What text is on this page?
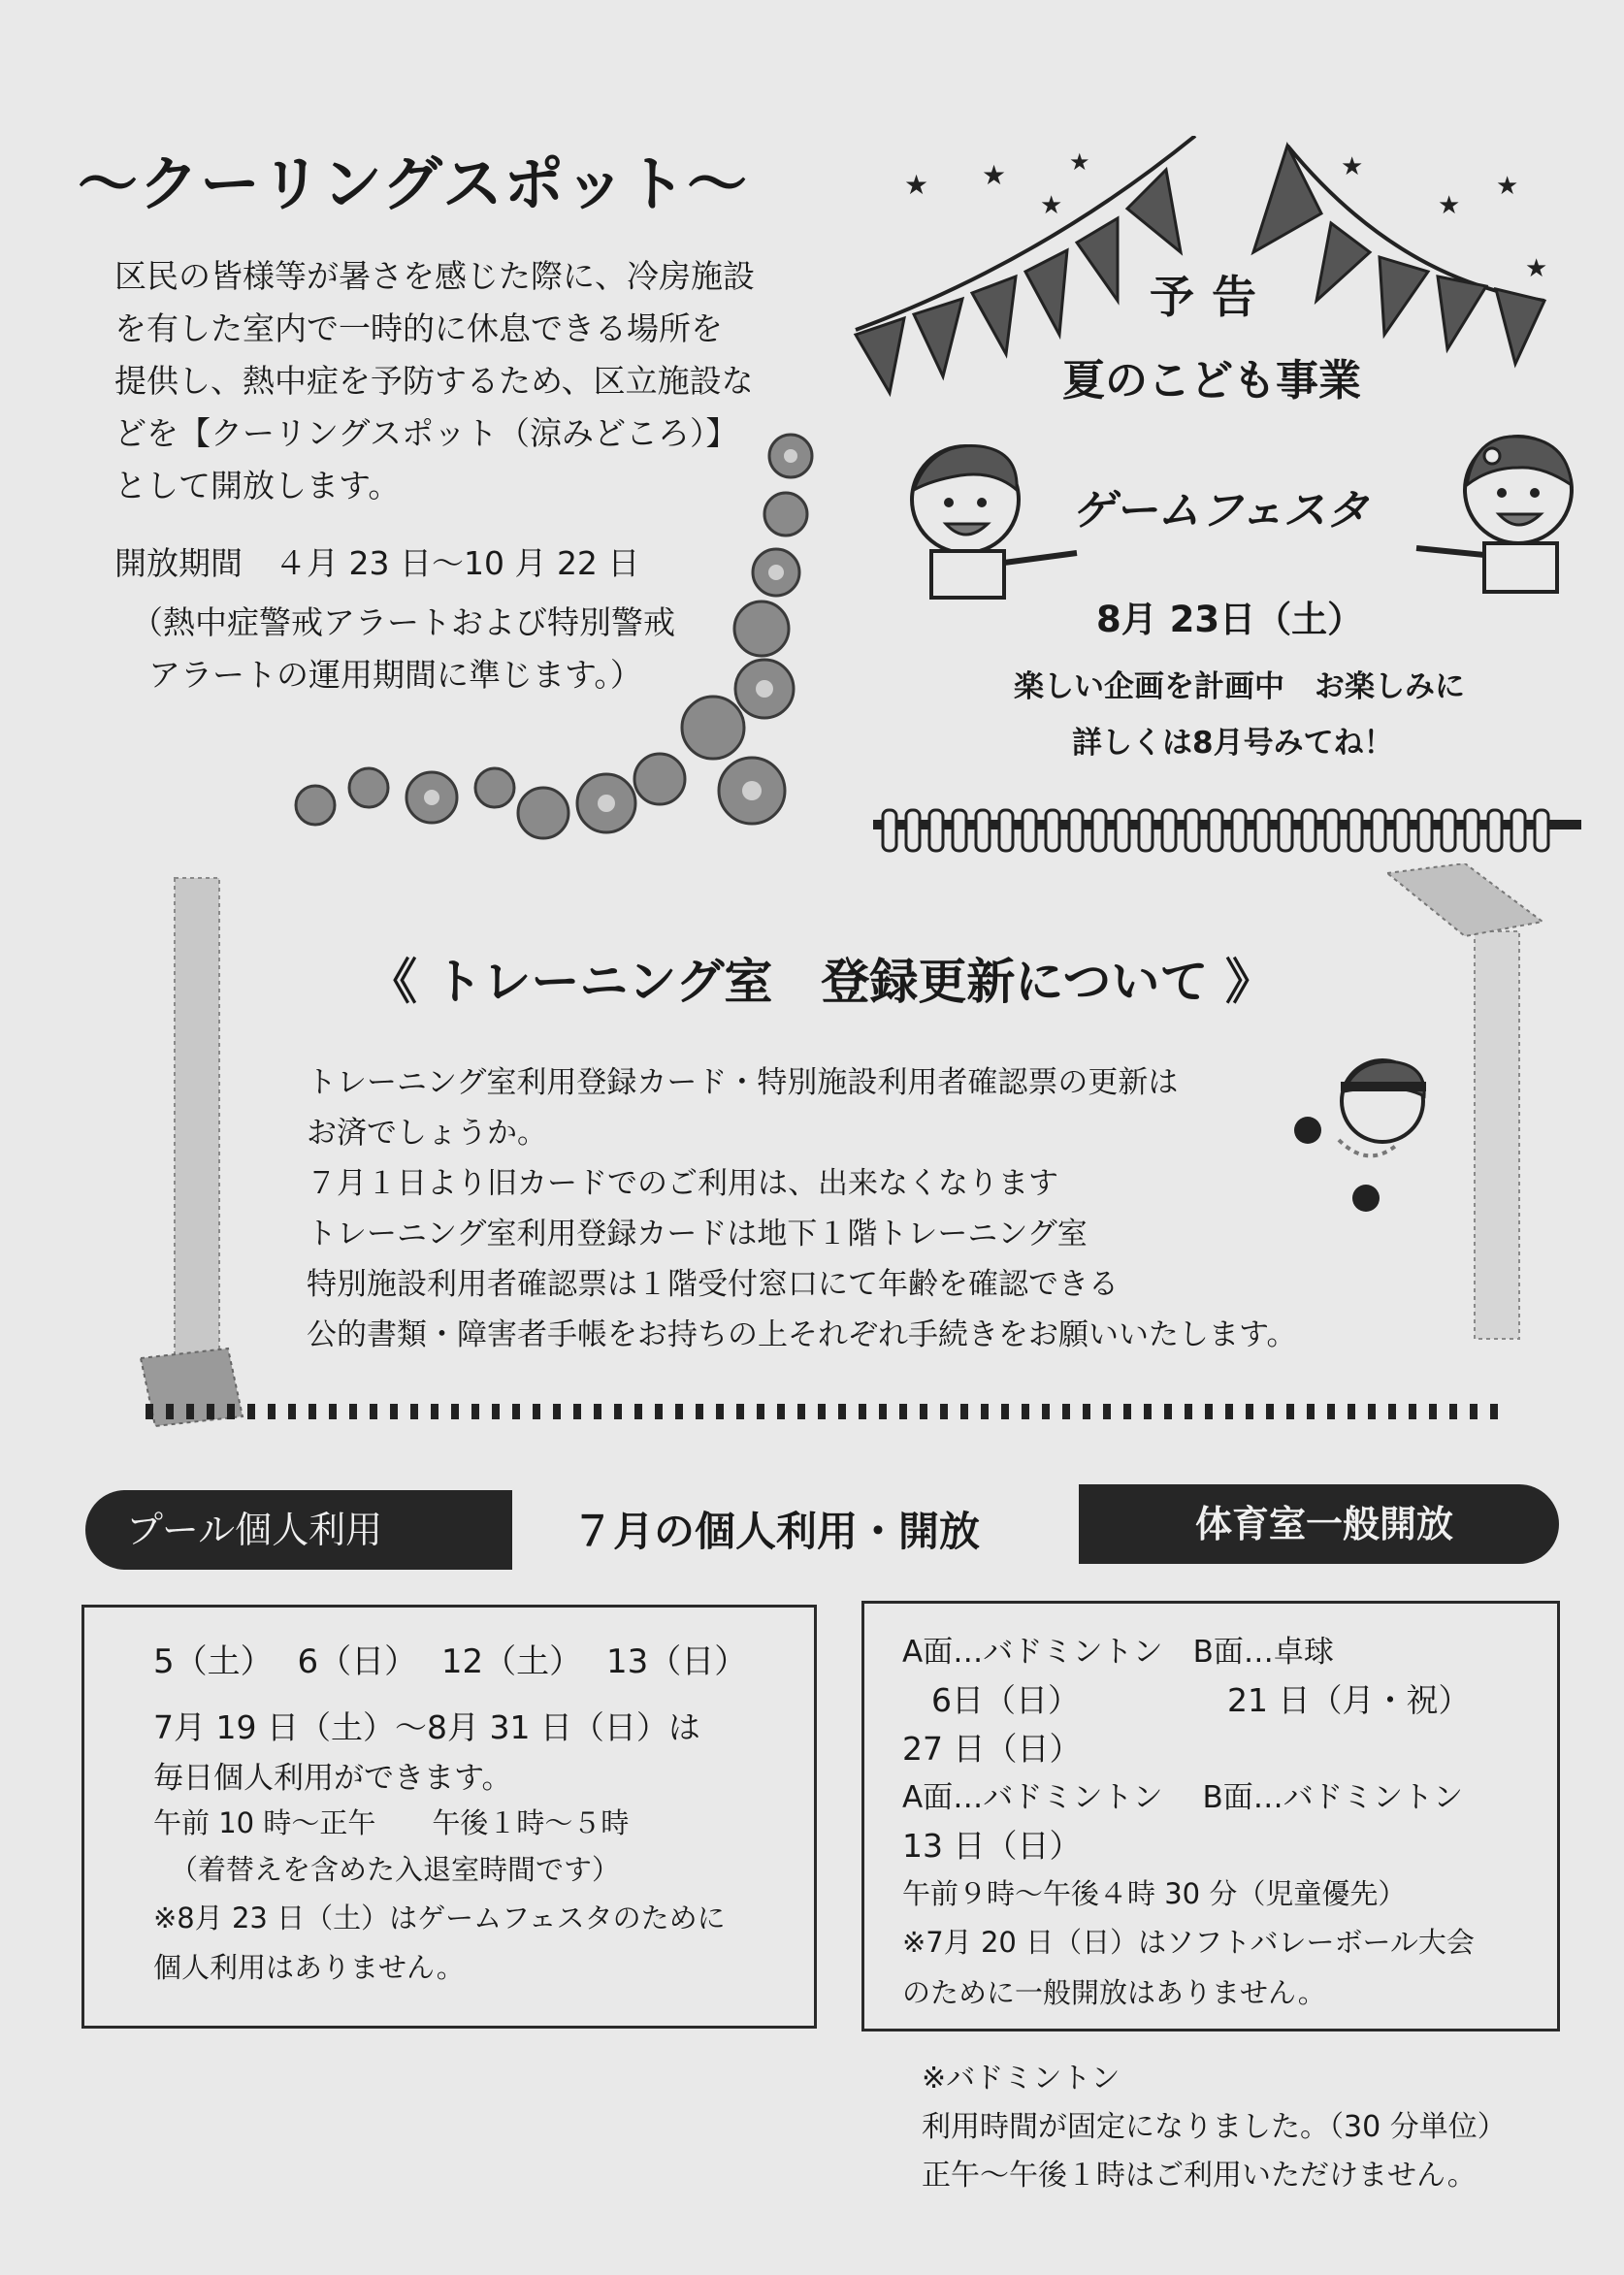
〜クーリングスポット〜
区民の皆様等が暑さを感じた際に、冷房施設
を有した室内で一時的に休息できる場所を
提供し、熱中症を予防するため、区立施設な
どを【クーリングスポット（涼みどころ）】
として開放します。
開放期間　４月 23 日〜10 月 22 日
（熱中症警戒アラートおよび特別警戒
アラートの運用期間に準じます。）
★ ★
★
★	★
★
★
★
予告
夏のこども事業
ゲームフェスタ
8月 23日（土）
楽しい企画を計画中　お楽しみに
詳しくは8月号みてね！
《 トレーニング室　登録更新について 》
トレーニング室利用登録カード・特別施設利用者確認票の更新は
お済でしょうか。
７月１日より旧カードでのご利用は、出来なくなります
トレーニング室利用登録カードは地下１階トレーニング室
特別施設利用者確認票は１階受付窓口にて年齢を確認できる
公的書類・障害者手帳をお持ちの上それぞれ手続きをお願いいたします。
プール個人利用	７月の個人利用・開放	体育室一般開放
5（土） 6（日） 12（土） 13（日）
7月 19 日（土）〜8月 31 日（日）は
毎日個人利用ができます。
午前 10 時〜正午　　午後１時〜５時
（着替えを含めた入退室時間です）
※8月 23 日（土）はゲームフェスタのために
個人利用はありません。
A面…バドミントン　B面…卓球
6日（日）	21 日（月・祝）
27 日（日）
A面…バドミントン　 B面…バドミントン
13 日（日）
午前９時〜午後４時 30 分（児童優先）
※7月 20 日（日）はソフトバレーボール大会
のために一般開放はありません。
※バドミントン
利用時間が固定になりました。（30 分単位）
正午〜午後１時はご利用いただけません。
